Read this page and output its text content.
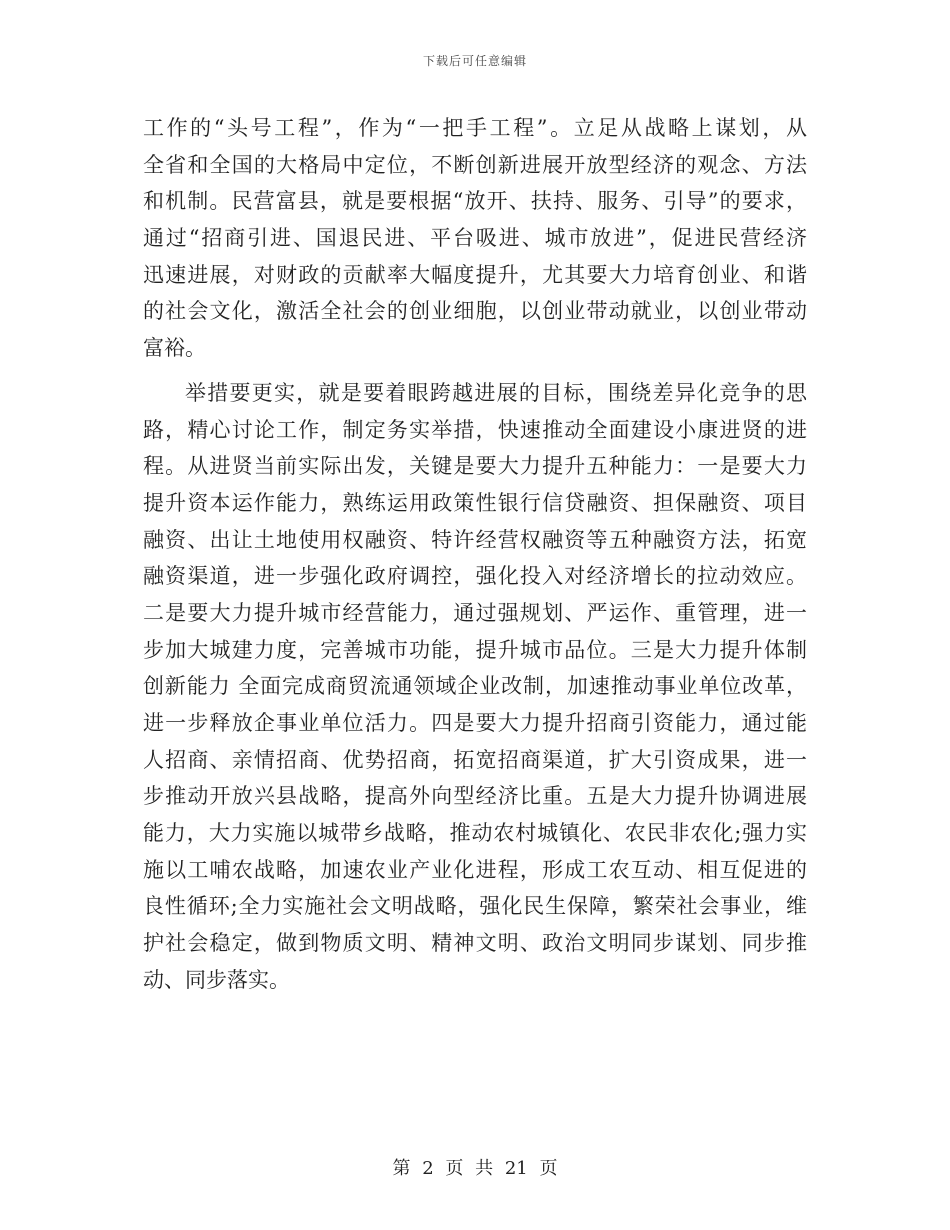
下载后可任意编辑
工作的“头号工程”，作为“一把手工程”。立足从战略上谋划，从
全省和全国的大格局中定位，不断创新进展开放型经济的观念、方法
和机制。民营富县，就是要根据“放开、扶持、服务、引导”的要求，
通过“招商引进、国退民进、平台吸进、城市放进”，促进民营经济
迅速进展，对财政的贡献率大幅度提升，尤其要大力培育创业、和谐
的社会文化，激活全社会的创业细胞，以创业带动就业，以创业带动
富裕。
举措要更实，就是要着眼跨越进展的目标，围绕差异化竞争的思
路，精心讨论工作，制定务实举措，快速推动全面建设小康进贤的进
程。从进贤当前实际出发，关键是要大力提升五种能力：一是要大力
提升资本运作能力，熟练运用政策性银行信贷融资、担保融资、项目
融资、出让土地使用权融资、特许经营权融资等五种融资方法，拓宽
融资渠道，进一步强化政府调控，强化投入对经济增长的拉动效应。
二是要大力提升城市经营能力，通过强规划、严运作、重管理，进一
步加大城建力度，完善城市功能，提升城市品位。三是大力提升体制
创新能力 全面完成商贸流通领域企业改制，加速推动事业单位改革，
进一步释放企事业单位活力。四是要大力提升招商引资能力，通过能
人招商、亲情招商、优势招商，拓宽招商渠道，扩大引资成果，进一
步推动开放兴县战略，提高外向型经济比重。五是大力提升协调进展
能力，大力实施以城带乡战略，推动农村城镇化、农民非农化;强力实
施以工哺农战略，加速农业产业化进程，形成工农互动、相互促进的
良性循环;全力实施社会文明战略，强化民生保障，繁荣社会事业，维
护社会稳定，做到物质文明、精神文明、政治文明同步谋划、同步推
动、同步落实。
第 2 页 共 21 页
